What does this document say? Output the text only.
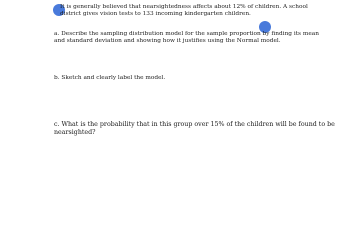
It is generally believed that nearsightedness affects about 12% of children. A school
district gives vision tests to 133 incoming kindergarten children.
a. Describe the sampling distribution model for the sample proportion by finding its mean
and standard deviation and showing how it justifies using the Normal model.
b. Sketch and clearly label the model.
c. What is the probability that in this group over 15% of the children will be found to be
nearsighted?
